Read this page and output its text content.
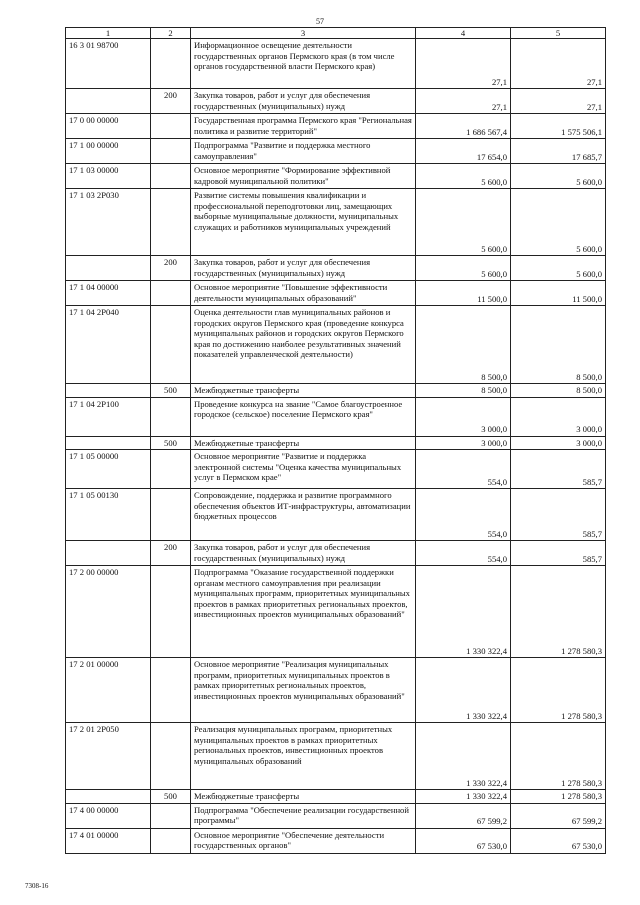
57
1	2	3	4	5
16 3 01 98700		Информационное освещение деятельности государственных органов Пермского края (в том числе органов государственной власти Пермского края)	27,1	27,1
	200	Закупка товаров, работ и услуг для обеспечения государственных (муниципальных) нужд	27,1	27,1
17 0 00 00000		Государственная программа Пермского края "Региональная политика и развитие территорий"	1 686 567,4	1 575 506,1
17 1 00 00000		Подпрограмма "Развитие и поддержка местного самоуправления"	17 654,0	17 685,7
17 1 03 00000		Основное мероприятие "Формирование эффективной кадровой муниципальной политики"	5 600,0	5 600,0
17 1 03 2Р030		Развитие системы повышения квалификации и профессиональной переподготовки лиц, замещающих выборные муниципальные должности, муниципальных служащих и работников муниципальных учреждений	5 600,0	5 600,0
	200	Закупка товаров, работ и услуг для обеспечения государственных (муниципальных) нужд	5 600,0	5 600,0
17 1 04 00000		Основное мероприятие "Повышение эффективности деятельности муниципальных образований"	11 500,0	11 500,0
17 1 04 2Р040		Оценка деятельности глав муниципальных районов и городских округов Пермского края (проведение конкурса муниципальных районов и городских округов Пермского края по достижению наиболее результативных значений показателей управленческой деятельности)	8 500,0	8 500,0
	500	Межбюджетные трансферты	8 500,0	8 500,0
17 1 04 2Р100		Проведение конкурса на звание "Самое благоустроенное городское (сельское) поселение Пермского края"	3 000,0	3 000,0
	500	Межбюджетные трансферты	3 000,0	3 000,0
17 1 05 00000		Основное мероприятие "Развитие и поддержка электронной системы "Оценка качества муниципальных услуг в Пермском крае"	554,0	585,7
17 1 05 00130		Сопровождение, поддержка и развитие программного обеспечения объектов ИТ-инфраструктуры, автоматизации бюджетных процессов	554,0	585,7
	200	Закупка товаров, работ и услуг для обеспечения государственных (муниципальных) нужд	554,0	585,7
17 2 00 00000		Подпрограмма "Оказание государственной поддержки органам местного самоуправления при реализации муниципальных программ, приоритетных муниципальных проектов в рамках приоритетных региональных проектов, инвестиционных проектов муниципальных образований"	1 330 322,4	1 278 580,3
17 2 01 00000		Основное мероприятие "Реализация муниципальных программ, приоритетных муниципальных проектов в рамках приоритетных региональных проектов, инвестиционных проектов муниципальных образований"	1 330 322,4	1 278 580,3
17 2 01 2Р050		Реализация муниципальных программ, приоритетных муниципальных проектов в рамках приоритетных региональных проектов, инвестиционных проектов муниципальных образований	1 330 322,4	1 278 580,3
	500	Межбюджетные трансферты	1 330 322,4	1 278 580,3
17 4 00 00000		Подпрограмма "Обеспечение реализации государственной программы"	67 599,2	67 599,2
17 4 01 00000		Основное мероприятие "Обеспечение деятельности государственных органов"	67 530,0	67 530,0
7308-16
